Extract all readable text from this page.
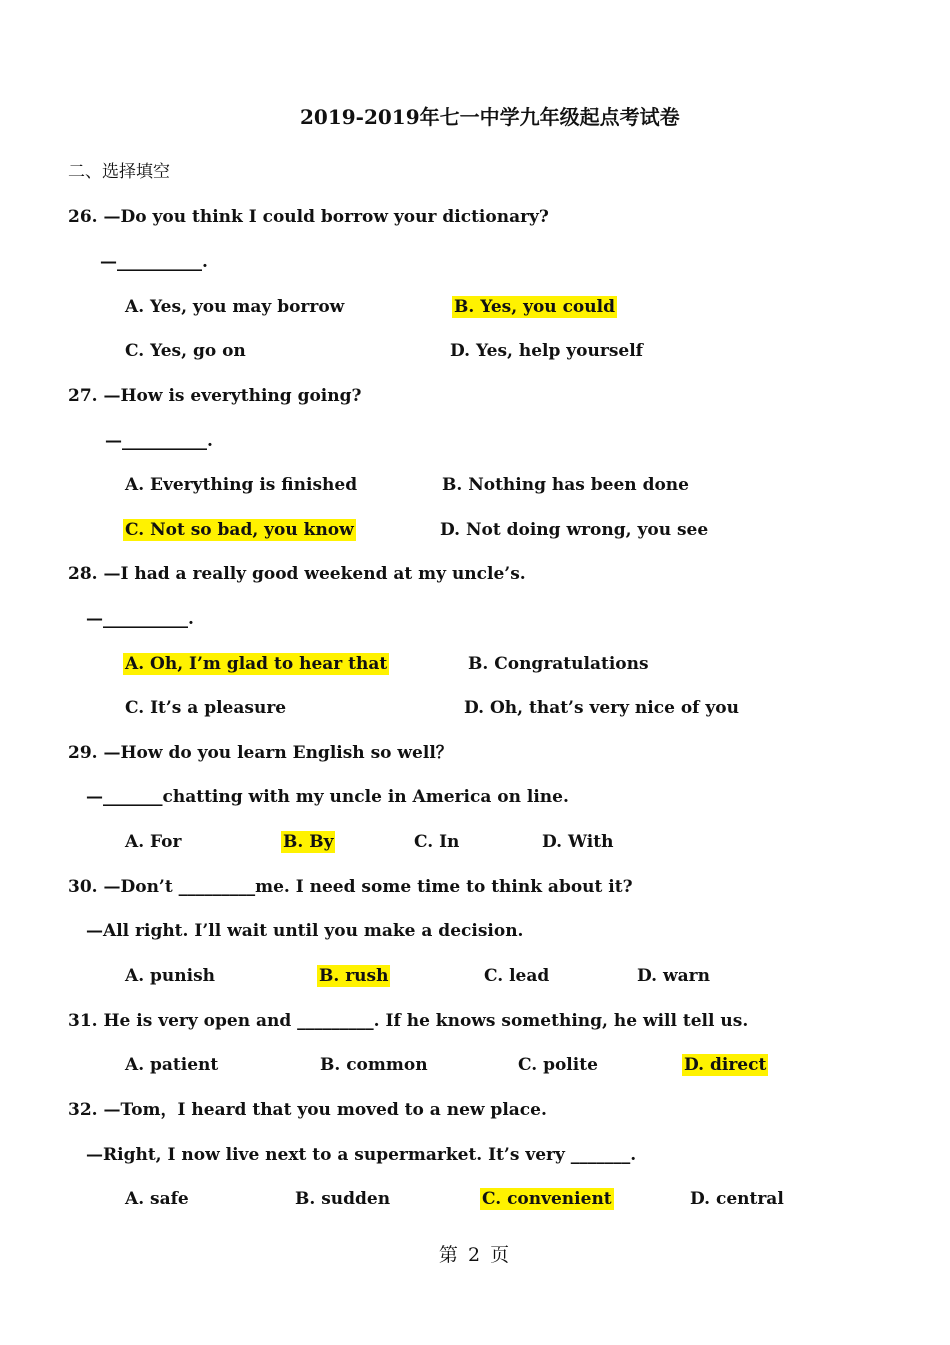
2019-2019年七一中学九年级起点考试卷
二、选择填空
26. —Do you think I could borrow your dictionary?
—__________.
A. Yes, you may borrow	B. Yes, you could
C. Yes, go on	D. Yes, help yourself
27. —How is everything going?
—__________.
A. Everything is finished	B. Nothing has been done
C. Not so bad, you know	D. Not doing wrong, you see
28. —I had a really good weekend at my uncle’s.
—__________.
A. Oh, I’m glad to hear that	B. Congratulations
C. It’s a pleasure	D. Oh, that’s very nice of you
29. —How do you learn English so well？
—_______chatting with my uncle in America on line.
A. For	B. By	C. In	D. With
30. —Don’t _________me. I need some time to think about it?
—All right. I’ll wait until you make a decision.
A. punish	B. rush	C. lead	D. warn
31. He is very open and _________. If he knows something, he will tell us.
A. patient	B. common	C. polite	D. direct
32. —Tom，I heard that you moved to a new place.
—Right, I now live next to a supermarket. It’s very _______.
A. safe	B. sudden	C. convenient	D. central
第 2 页
